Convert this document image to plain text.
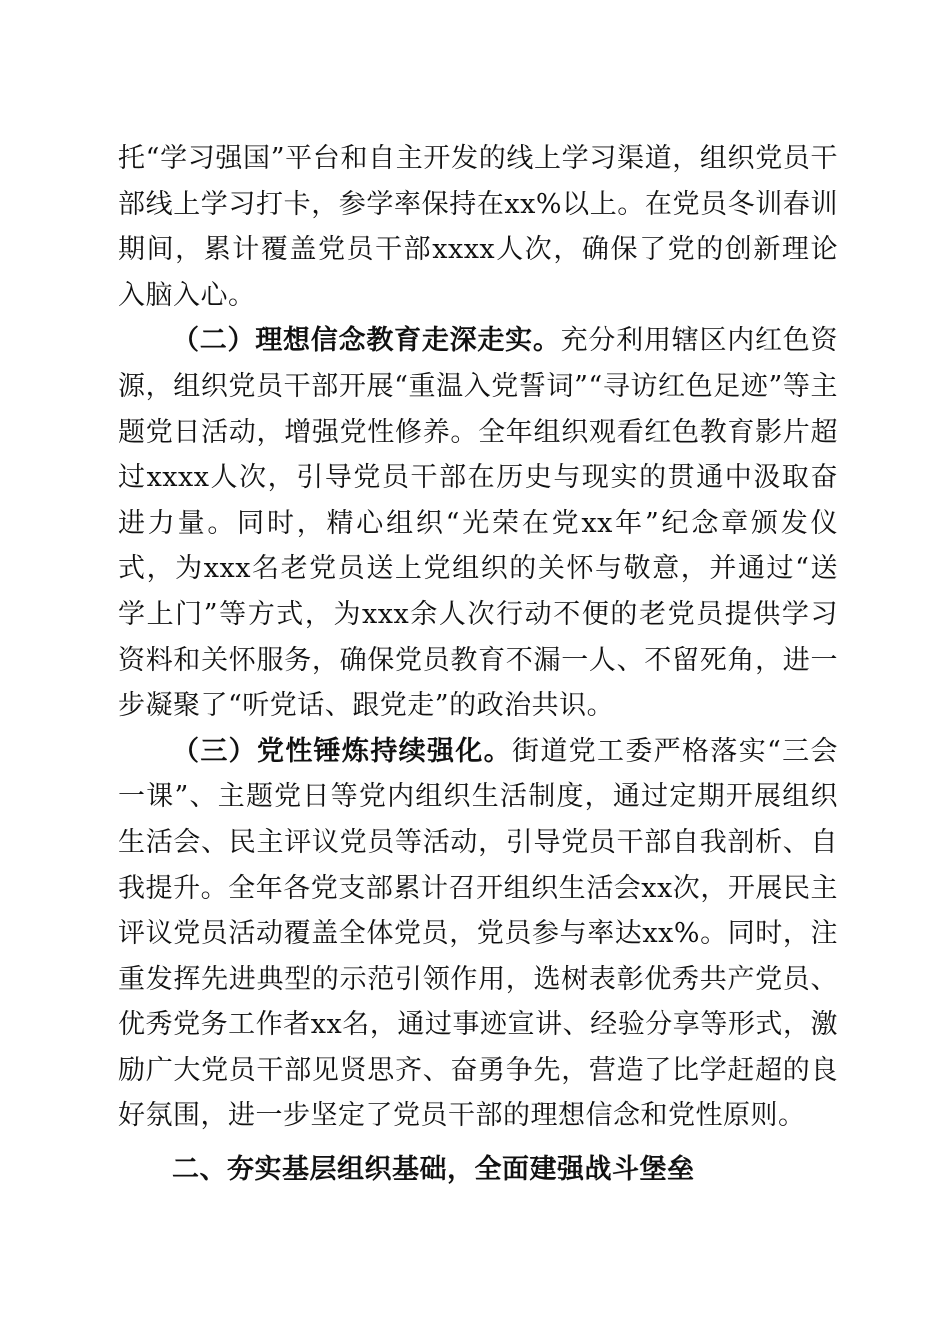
托“学习强国”平台和自主开发的线上学习渠道，组织党员干部线上学习打卡，参学率保持在xx%以上。在党员冬训春训期间，累计覆盖党员干部xxxx人次，确保了党的创新理论入脑入心。

（二）理想信念教育走深走实。充分利用辖区内红色资源，组织党员干部开展“重温入党誓词”“寻访红色足迹”等主题党日活动，增强党性修养。全年组织观看红色教育影片超过xxxx人次，引导党员干部在历史与现实的贯通中汲取奋进力量。同时，精心组织“光荣在党xx年”纪念章颁发仪式，为xxx名老党员送上党组织的关怀与敬意，并通过“送学上门”等方式，为xxx余人次行动不便的老党员提供学习资料和关怀服务，确保党员教育不漏一人、不留死角，进一步凝聚了“听党话、跟党走”的政治共识。

（三）党性锤炼持续强化。街道党工委严格落实“三会一课”、主题党日等党内组织生活制度，通过定期开展组织生活会、民主评议党员等活动，引导党员干部自我剖析、自我提升。全年各党支部累计召开组织生活会xx次，开展民主评议党员活动覆盖全体党员，党员参与率达xx%。同时，注重发挥先进典型的示范引领作用，选树表彰优秀共产党员、优秀党务工作者xx名，通过事迹宣讲、经验分享等形式，激励广大党员干部见贤思齐、奋勇争先，营造了比学赶超的良好氛围，进一步坚定了党员干部的理想信念和党性原则。

二、夯实基层组织基础，全面建强战斗堡垒
